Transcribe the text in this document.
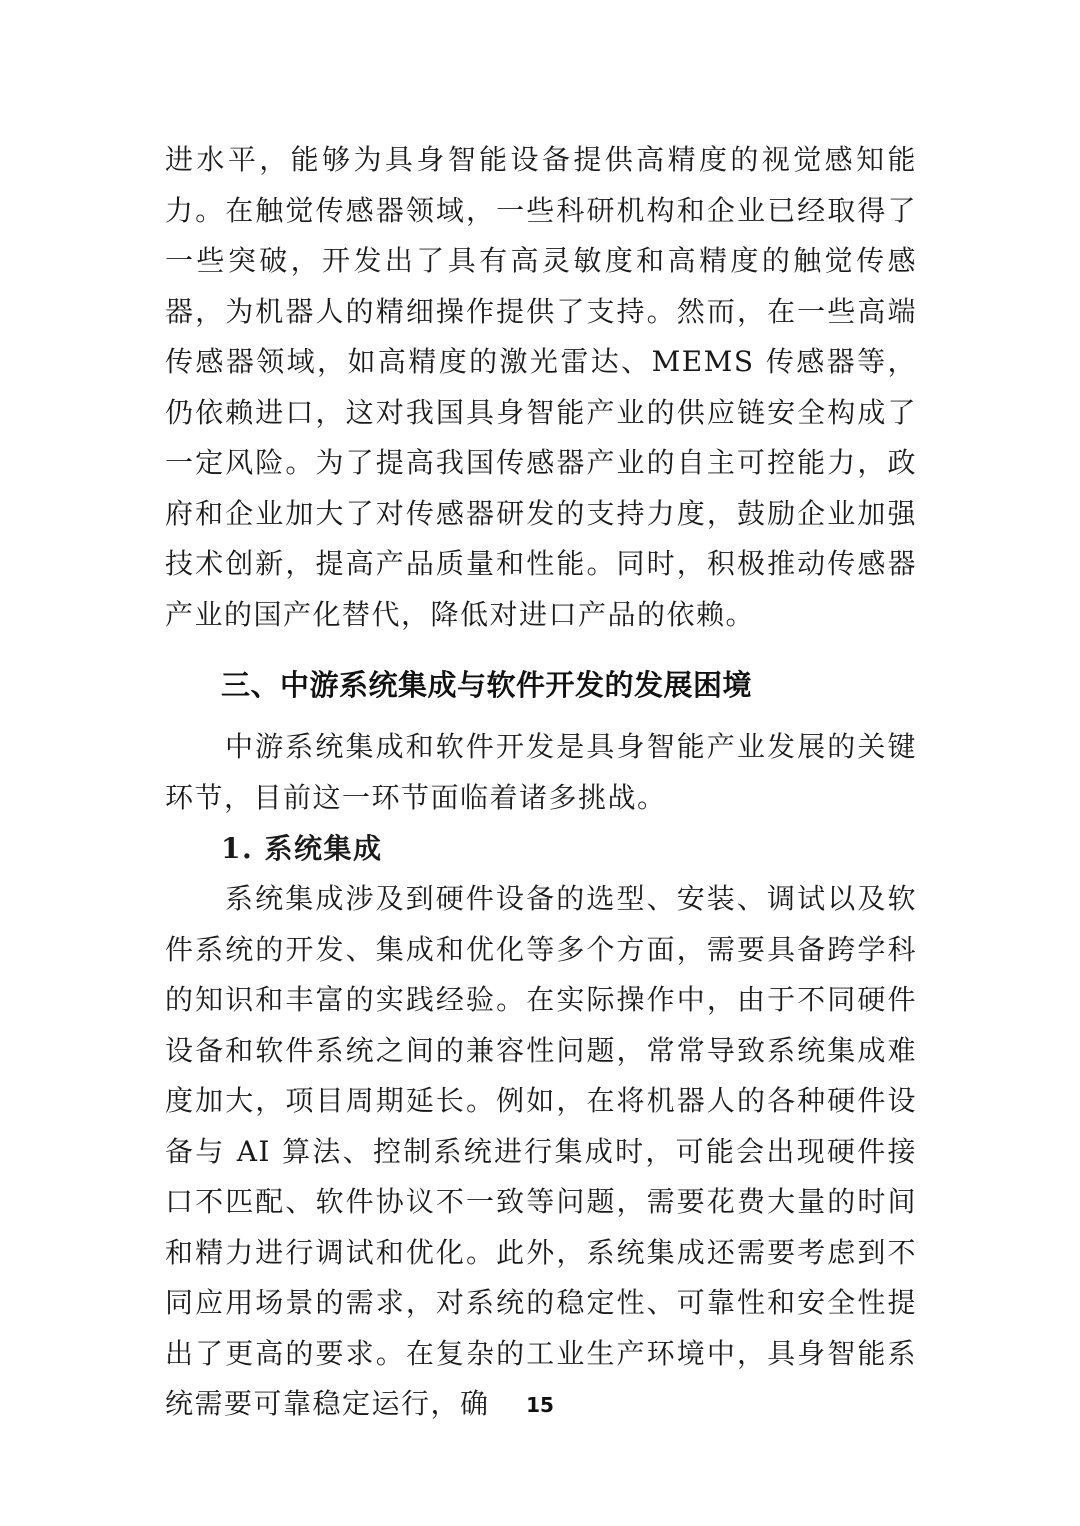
进水平，能够为具身智能设备提供高精度的视觉感知能力。在触觉传感器领域，一些科研机构和企业已经取得了一些突破，开发出了具有高灵敏度和高精度的触觉传感器，为机器人的精细操作提供了支持。然而，在一些高端传感器领域，如高精度的激光雷达、MEMS 传感器等，仍依赖进口，这对我国具身智能产业的供应链安全构成了一定风险。为了提高我国传感器产业的自主可控能力，政府和企业加大了对传感器研发的支持力度，鼓励企业加强技术创新，提高产品质量和性能。同时，积极推动传感器产业的国产化替代，降低对进口产品的依赖。

三、中游系统集成与软件开发的发展困境

中游系统集成和软件开发是具身智能产业发展的关键环节，目前这一环节面临着诸多挑战。

1. 系统集成

系统集成涉及到硬件设备的选型、安装、调试以及软件系统的开发、集成和优化等多个方面，需要具备跨学科的知识和丰富的实践经验。在实际操作中，由于不同硬件设备和软件系统之间的兼容性问题，常常导致系统集成难度加大，项目周期延长。例如，在将机器人的各种硬件设备与 AI 算法、控制系统进行集成时，可能会出现硬件接口不匹配、软件协议不一致等问题，需要花费大量的时间和精力进行调试和优化。此外，系统集成还需要考虑到不同应用场景的需求，对系统的稳定性、可靠性和安全性提出了更高的要求。在复杂的工业生产环境中，具身智能系统需要可靠稳定运行，确	15
